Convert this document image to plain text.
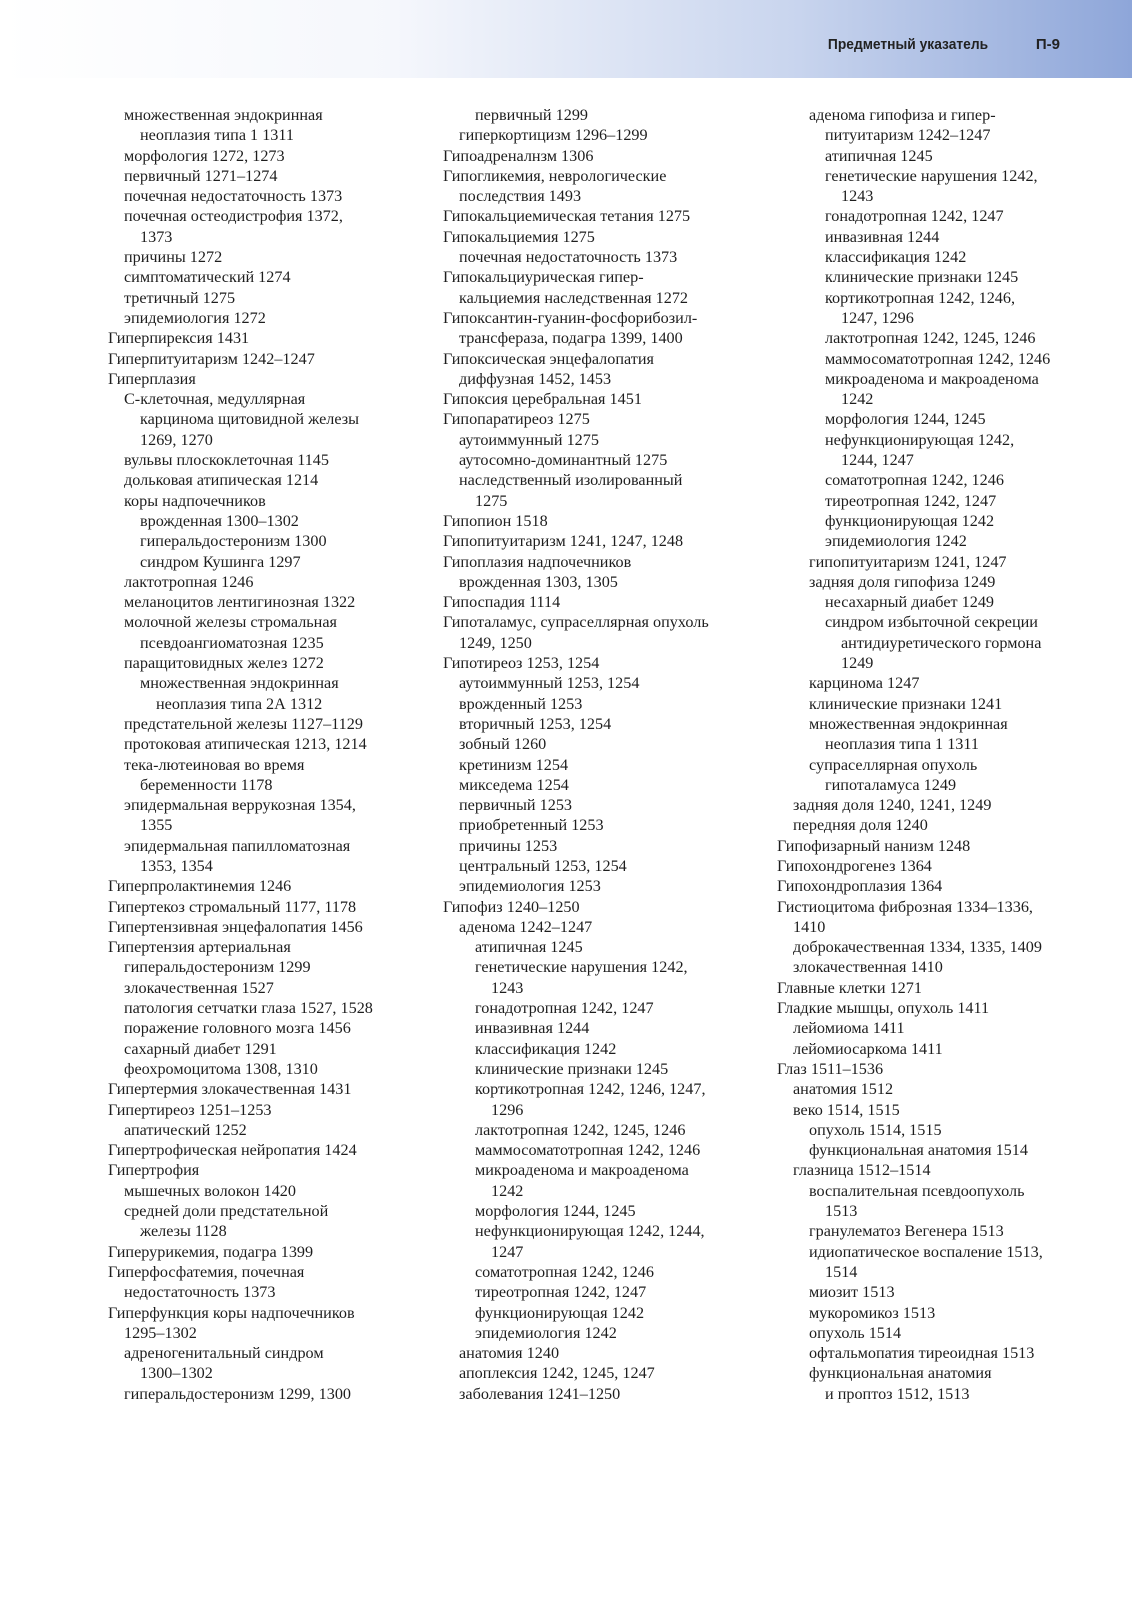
Предметный указатель	П-9
множественная эндокринная
неоплазия типа 1 1311
морфология 1272, 1273
первичный 1271–1274
почечная недостаточность 1373
почечная остеодистрофия 1372,
1373
причины 1272
симптоматический 1274
третичный 1275
эпидемиология 1272
Гиперпирексия 1431
Гиперпитуитаризм 1242–1247
Гиперплазия
С-клеточная, медуллярная
карцинома щитовидной железы
1269, 1270
вульвы плоскоклеточная 1145
дольковая атипическая 1214
коры надпочечников
врожденная 1300–1302
гиперальдостеронизм 1300
синдром Кушинга 1297
лактотропная 1246
меланоцитов лентигинозная 1322
молочной железы стромальная
псевдоангиоматозная 1235
паращитовидных желез 1272
множественная эндокринная
неоплазия типа 2А 1312
предстательной железы 1127–1129
протоковая атипическая 1213, 1214
тека-лютеиновая во время
беременности 1178
эпидермальная веррукозная 1354,
1355
эпидермальная папилломатозная
1353, 1354
Гиперпролактинемия 1246
Гипертекоз стромальный 1177, 1178
Гипертензивная энцефалопатия 1456
Гипертензия артериальная
гиперальдостеронизм 1299
злокачественная 1527
патология сетчатки глаза 1527, 1528
поражение головного мозга 1456
сахарный диабет 1291
феохромоцитома 1308, 1310
Гипертермия злокачественная 1431
Гипертиреоз 1251–1253
апатический 1252
Гипертрофическая нейропатия 1424
Гипертрофия
мышечных волокон 1420
средней доли предстательной
железы 1128
Гиперурикемия, подагра 1399
Гиперфосфатемия, почечная
недостаточность 1373
Гиперфункция коры надпочечников
1295–1302
адреногенитальный синдром
1300–1302
гиперальдостеронизм 1299, 1300
первичный 1299
гиперкортицизм 1296–1299
Гипоадреналнзм 1306
Гипогликемия, неврологические
последствия 1493
Гипокальциемическая тетания 1275
Гипокальциемия 1275
почечная недостаточность 1373
Гипокальциурическая гипер-
кальциемия наследственная 1272
Гипоксантин-гуанин-фосфорибозил-
трансфераза, подагра 1399, 1400
Гипоксическая энцефалопатия
диффузная 1452, 1453
Гипоксия церебральная 1451
Гипопаратиреоз 1275
аутоиммунный 1275
аутосомно-доминантный 1275
наследственный изолированный
1275
Гипопион 1518
Гипопитуитаризм 1241, 1247, 1248
Гипоплазия надпочечников
врожденная 1303, 1305
Гипоспадия 1114
Гипоталамус, супраселлярная опухоль
1249, 1250
Гипотиреоз 1253, 1254
аутоиммунный 1253, 1254
врожденный 1253
вторичный 1253, 1254
зобный 1260
кретинизм 1254
микседема 1254
первичный 1253
приобретенный 1253
причины 1253
центральный 1253, 1254
эпидемиология 1253
Гипофиз 1240–1250
аденома 1242–1247
атипичная 1245
генетические нарушения 1242,
1243
гонадотропная 1242, 1247
инвазивная 1244
классификация 1242
клинические признаки 1245
кортикотропная 1242, 1246, 1247,
1296
лактотропная 1242, 1245, 1246
маммосоматотропная 1242, 1246
микроаденома и макроаденома
1242
морфология 1244, 1245
нефункционирующая 1242, 1244,
1247
соматотропная 1242, 1246
тиреотропная 1242, 1247
функционирующая 1242
эпидемиология 1242
анатомия 1240
апоплексия 1242, 1245, 1247
заболевания 1241–1250
аденома гипофиза и гипер-
питуитаризм 1242–1247
атипичная 1245
генетические нарушения 1242,
1243
гонадотропная 1242, 1247
инвазивная 1244
классификация 1242
клинические признаки 1245
кортикотропная 1242, 1246,
1247, 1296
лактотропная 1242, 1245, 1246
маммосоматотропная 1242, 1246
микроаденома и макроаденома
1242
морфология 1244, 1245
нефункционирующая 1242,
1244, 1247
соматотропная 1242, 1246
тиреотропная 1242, 1247
функционирующая 1242
эпидемиология 1242
гипопитуитаризм 1241, 1247
задняя доля гипофиза 1249
несахарный диабет 1249
синдром избыточной секреции
антидиуретического гормона
1249
карцинома 1247
клинические признаки 1241
множественная эндокринная
неоплазия типа 1 1311
супраселлярная опухоль
гипоталамуса 1249
задняя доля 1240, 1241, 1249
передняя доля 1240
Гипофизарный нанизм 1248
Гипохондрогенез 1364
Гипохондроплазия 1364
Гистиоцитома фиброзная 1334–1336,
1410
доброкачественная 1334, 1335, 1409
злокачественная 1410
Главные клетки 1271
Гладкие мышцы, опухоль 1411
лейомиома 1411
лейомиосаркома 1411
Глаз 1511–1536
анатомия 1512
веко 1514, 1515
опухоль 1514, 1515
функциональная анатомия 1514
глазница 1512–1514
воспалительная псевдоопухоль
1513
гранулематоз Вегенера 1513
идиопатическое воспаление 1513,
1514
миозит 1513
мукоромикоз 1513
опухоль 1514
офтальмопатия тиреоидная 1513
функциональная анатомия
и проптоз 1512, 1513
